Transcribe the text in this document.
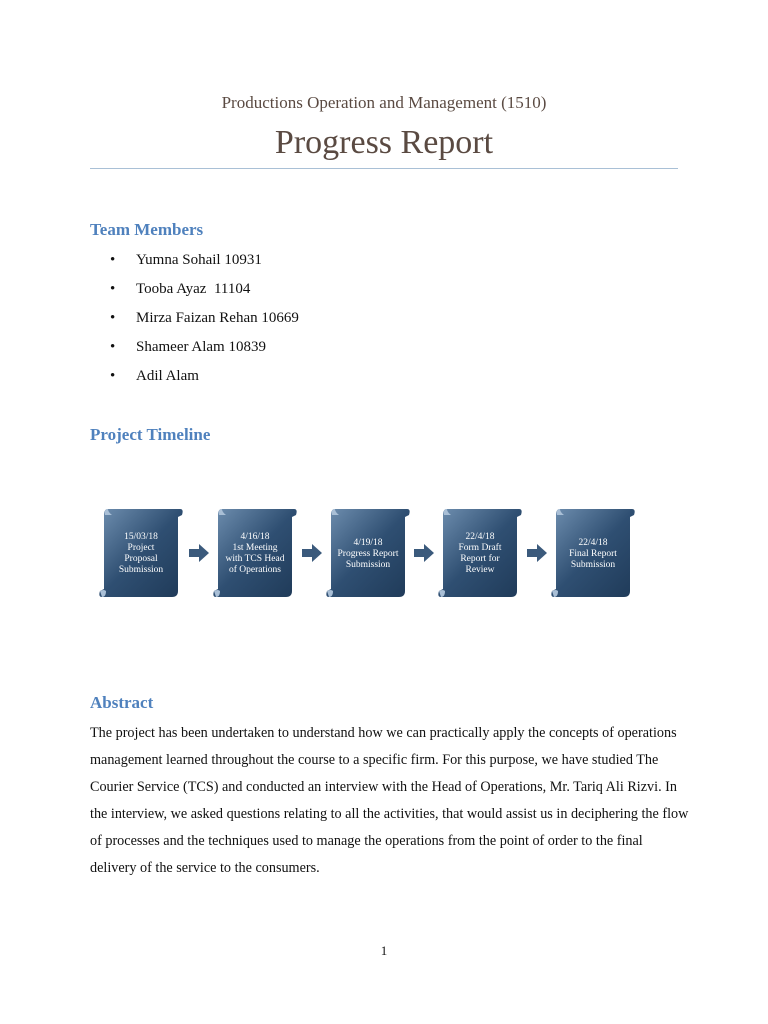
Productions Operation and Management (1510)
Progress Report
Team Members
• Yumna Sohail 10931
• Tooba Ayaz  11104
• Mirza Faizan Rehan 10669
• Shameer Alam 10839
• Adil Alam
Project Timeline
15/03/18
Project Proposal Submission
4/16/18
1st Meeting with TCS Head of Operations
4/19/18
Progress Report Submission
22/4/18
Form Draft Report for Review
22/4/18
Final Report Submission
Abstract

The project has been undertaken to understand how we can practically apply the concepts of operations management learned throughout the course to a specific firm. For this purpose, we have studied The Courier Service (TCS) and conducted an interview with the Head of Operations, Mr. Tariq Ali Rizvi. In the interview, we asked questions relating to all the activities, that would assist us in deciphering the flow of processes and the techniques used to manage the operations from the point of order to the final delivery of the service to the consumers.

1
